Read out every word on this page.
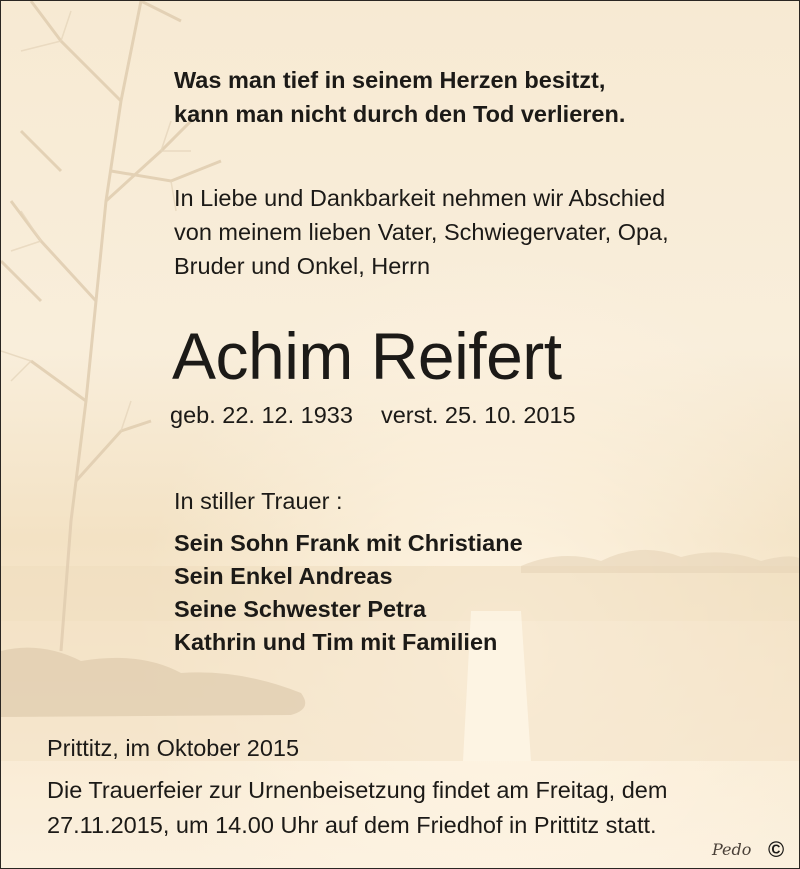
Was man tief in seinem Herzen besitzt,
kann man nicht durch den Tod verlieren.

In Liebe und Dankbarkeit nehmen wir Abschied
von meinem lieben Vater, Schwiegervater, Opa,
Bruder und Onkel, Herrn

Achim Reifert

geb. 22. 12. 1933 verst. 25. 10. 2015

In stiller Trauer :

Sein Sohn Frank mit Christiane
Sein Enkel Andreas
Seine Schwester Petra
Kathrin und Tim mit Familien

Prittitz, im Oktober 2015

Die Trauerfeier zur Urnenbeisetzung findet am Freitag, dem
27.11.2015, um 14.00 Uhr auf dem Friedhof in Prittitz statt.

Pedo ©
